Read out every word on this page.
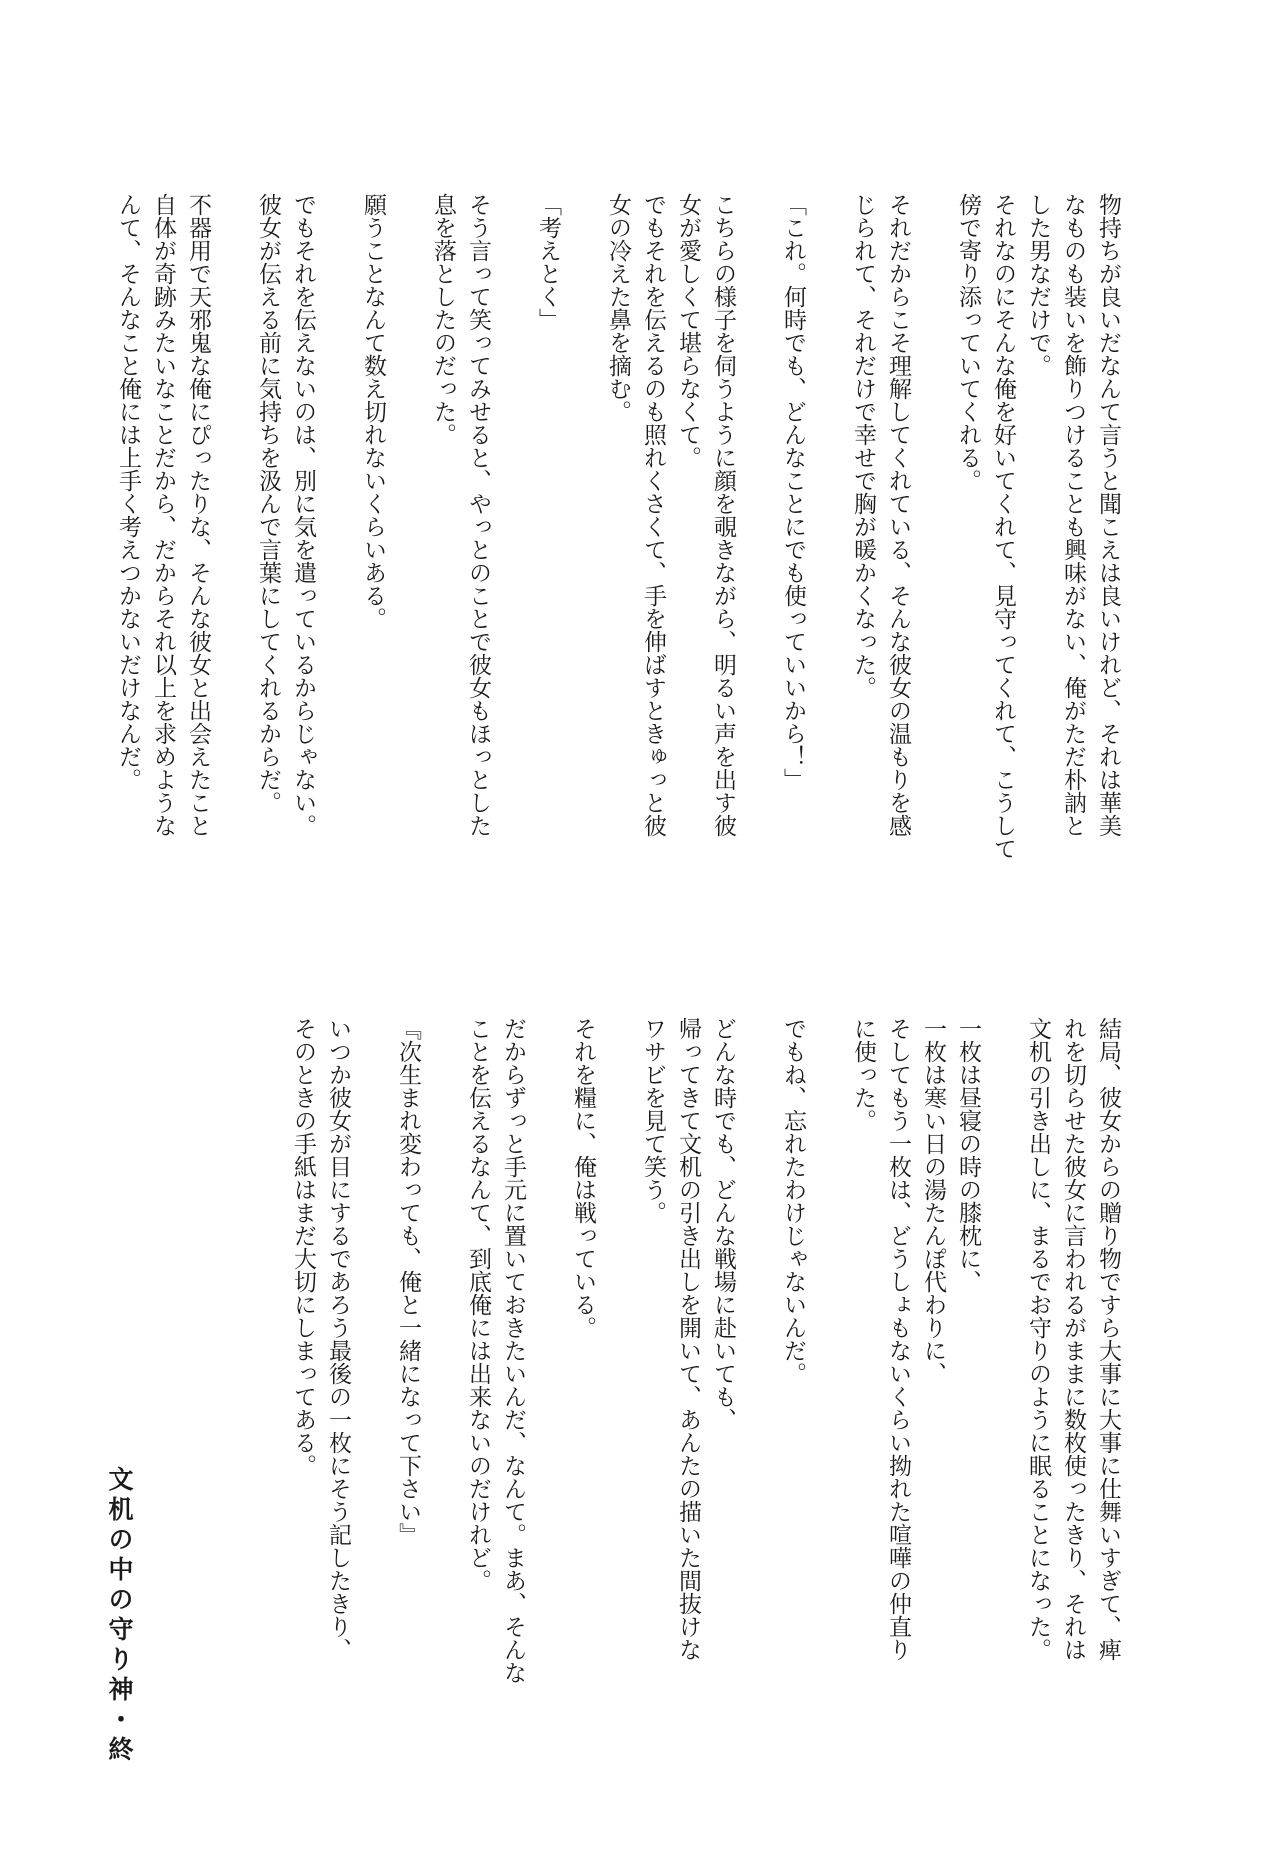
物持ちが良いだなんて言うと聞こえは良いけれど、それは華美
なものも装いを飾りつけることも興味がない、俺がただ朴訥と
した男なだけで。
それなのにそんな俺を好いてくれて、見守ってくれて、こうして
傍で寄り添っていてくれる。
それだからこそ理解してくれている、そんな彼女の温もりを感
じられて、それだけで幸せで胸が暖かくなった。
「これ。何時でも、どんなことにでも使っていいから！」
こちらの様子を伺うように顔を覗きながら、明るい声を出す彼
女が愛しくて堪らなくて。
でもそれを伝えるのも照れくさくて、手を伸ばすときゅっと彼
女の冷えた鼻を摘む。
「考えとく」
そう言って笑ってみせると、やっとのことで彼女もほっとした
息を落としたのだった。
願うことなんて数え切れないくらいある。
でもそれを伝えないのは、別に気を遣っているからじゃない。
彼女が伝える前に気持ちを汲んで言葉にしてくれるからだ。
不器用で天邪鬼な俺にぴったりな、そんな彼女と出会えたこと
自体が奇跡みたいなことだから、だからそれ以上を求めような
んて、そんなこと俺には上手く考えつかないだけなんだ。
結局、彼女からの贈り物ですら大事に大事に仕舞いすぎて、痺
れを切らせた彼女に言われるがままに数枚使ったきり、それは
文机の引き出しに、まるでお守りのように眠ることになった。
一枚は昼寝の時の膝枕に、
一枚は寒い日の湯たんぽ代わりに、
そしてもう一枚は、どうしょもないくらい拗れた喧嘩の仲直り
に使った。
でもね、忘れたわけじゃないんだ。
どんな時でも、どんな戦場に赴いても、
帰ってきて文机の引き出しを開いて、あんたの描いた間抜けな
ワサビを見て笑う。
それを糧に、俺は戦っている。
だからずっと手元に置いておきたいんだ、なんて。まあ、そんな
ことを伝えるなんて、到底俺には出来ないのだけれど。
『次生まれ変わっても、俺と一緒になって下さい』
いつか彼女が目にするであろう最後の一枚にそう記したきり、
そのときの手紙はまだ大切にしまってある。
文机の中の守り神・終
